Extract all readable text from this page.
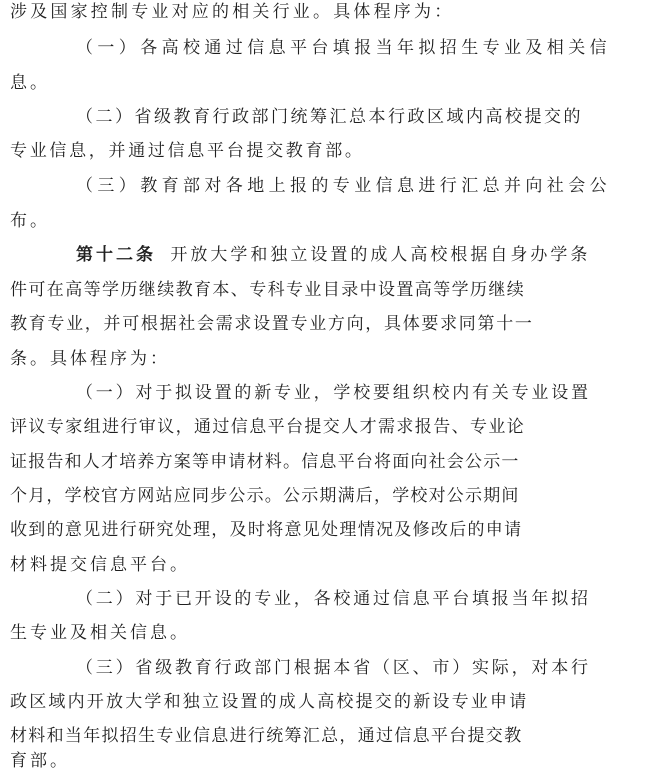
涉及国家控制专业对应的相关行业。具体程序为：
（一）各高校通过信息平台填报当年拟招生专业及相关信
息。
（二）省级教育行政部门统筹汇总本行政区域内高校提交的
专业信息，并通过信息平台提交教育部。
（三）教育部对各地上报的专业信息进行汇总并向社会公
布。
第十二条 开放大学和独立设置的成人高校根据自身办学条
件可在高等学历继续教育本、专科专业目录中设置高等学历继续
教育专业，并可根据社会需求设置专业方向，具体要求同第十一
条。具体程序为：
（一）对于拟设置的新专业，学校要组织校内有关专业设置
评议专家组进行审议，通过信息平台提交人才需求报告、专业论
证报告和人才培养方案等申请材料。信息平台将面向社会公示一
个月，学校官方网站应同步公示。公示期满后，学校对公示期间
收到的意见进行研究处理，及时将意见处理情况及修改后的申请
材料提交信息平台。
（二）对于已开设的专业，各校通过信息平台填报当年拟招
生专业及相关信息。
（三）省级教育行政部门根据本省（区、市）实际，对本行
政区域内开放大学和独立设置的成人高校提交的新设专业申请
材料和当年拟招生专业信息进行统筹汇总，通过信息平台提交教
育部。
